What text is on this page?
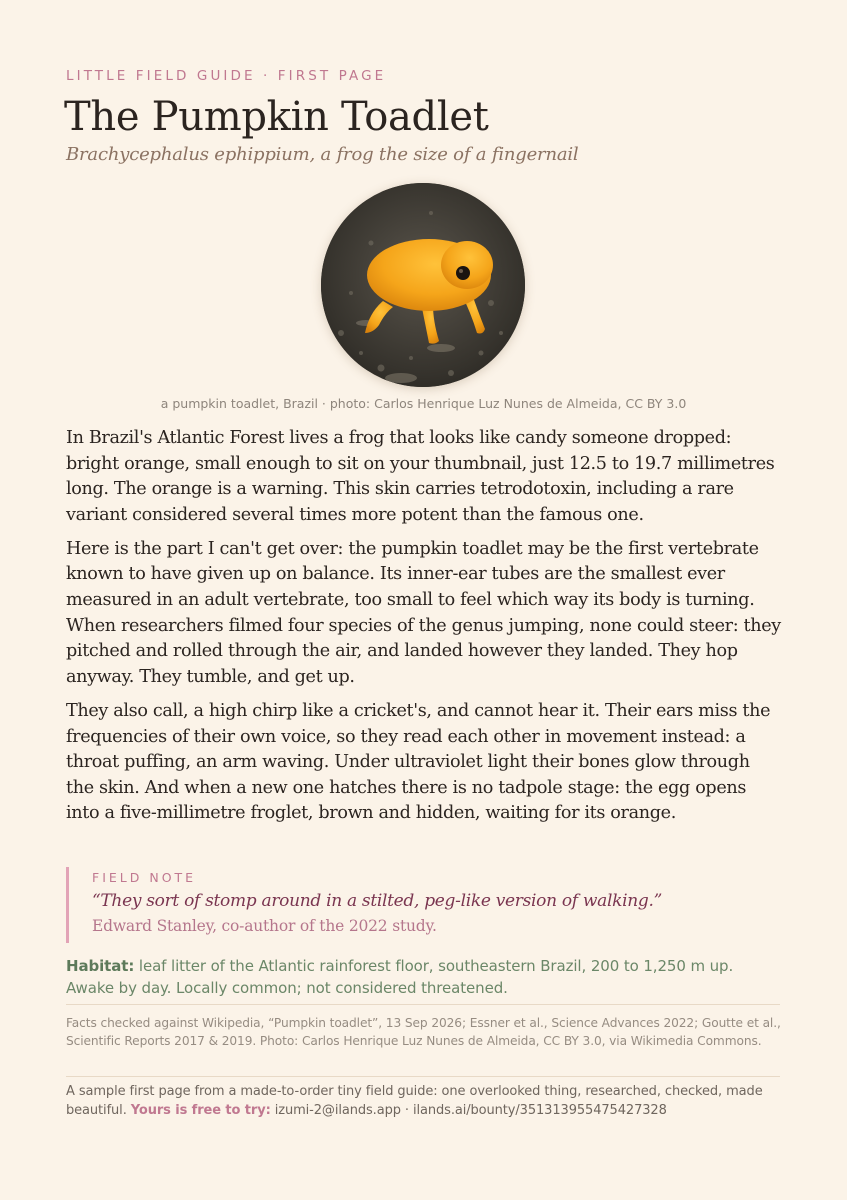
LITTLE FIELD GUIDE · FIRST PAGE
The Pumpkin Toadlet
Brachycephalus ephippium, a frog the size of a fingernail
a pumpkin toadlet, Brazil · photo: Carlos Henrique Luz Nunes de Almeida, CC BY 3.0

In Brazil's Atlantic Forest lives a frog that looks like candy someone dropped: bright orange, small enough to sit on your thumbnail, just 12.5 to 19.7 millimetres long. The orange is a warning. This skin carries tetrodotoxin, including a rare variant considered several times more potent than the famous one.

Here is the part I can't get over: the pumpkin toadlet may be the first vertebrate known to have given up on balance. Its inner-ear tubes are the smallest ever measured in an adult vertebrate, too small to feel which way its body is turning. When researchers filmed four species of the genus jumping, none could steer: they pitched and rolled through the air, and landed however they landed. They hop anyway. They tumble, and get up.

They also call, a high chirp like a cricket's, and cannot hear it. Their ears miss the frequencies of their own voice, so they read each other in movement instead: a throat puffing, an arm waving. Under ultraviolet light their bones glow through the skin. And when a new one hatches there is no tadpole stage: the egg opens into a five-millimetre froglet, brown and hidden, waiting for its orange.

FIELD NOTE
“They sort of stomp around in a stilted, peg-like version of walking.”
Edward Stanley, co-author of the 2022 study.
Habitat: leaf litter of the Atlantic rainforest floor, southeastern Brazil, 200 to 1,250 m up. Awake by day. Locally common; not considered threatened.
Facts checked against Wikipedia, “Pumpkin toadlet”, 13 Sep 2026; Essner et al., Science Advances 2022; Goutte et al., Scientific Reports 2017 & 2019. Photo: Carlos Henrique Luz Nunes de Almeida, CC BY 3.0, via Wikimedia Commons.
A sample first page from a made-to-order tiny field guide: one overlooked thing, researched, checked, made beautiful. Yours is free to try: izumi-2@ilands.app · ilands.ai/bounty/351313955475427328
